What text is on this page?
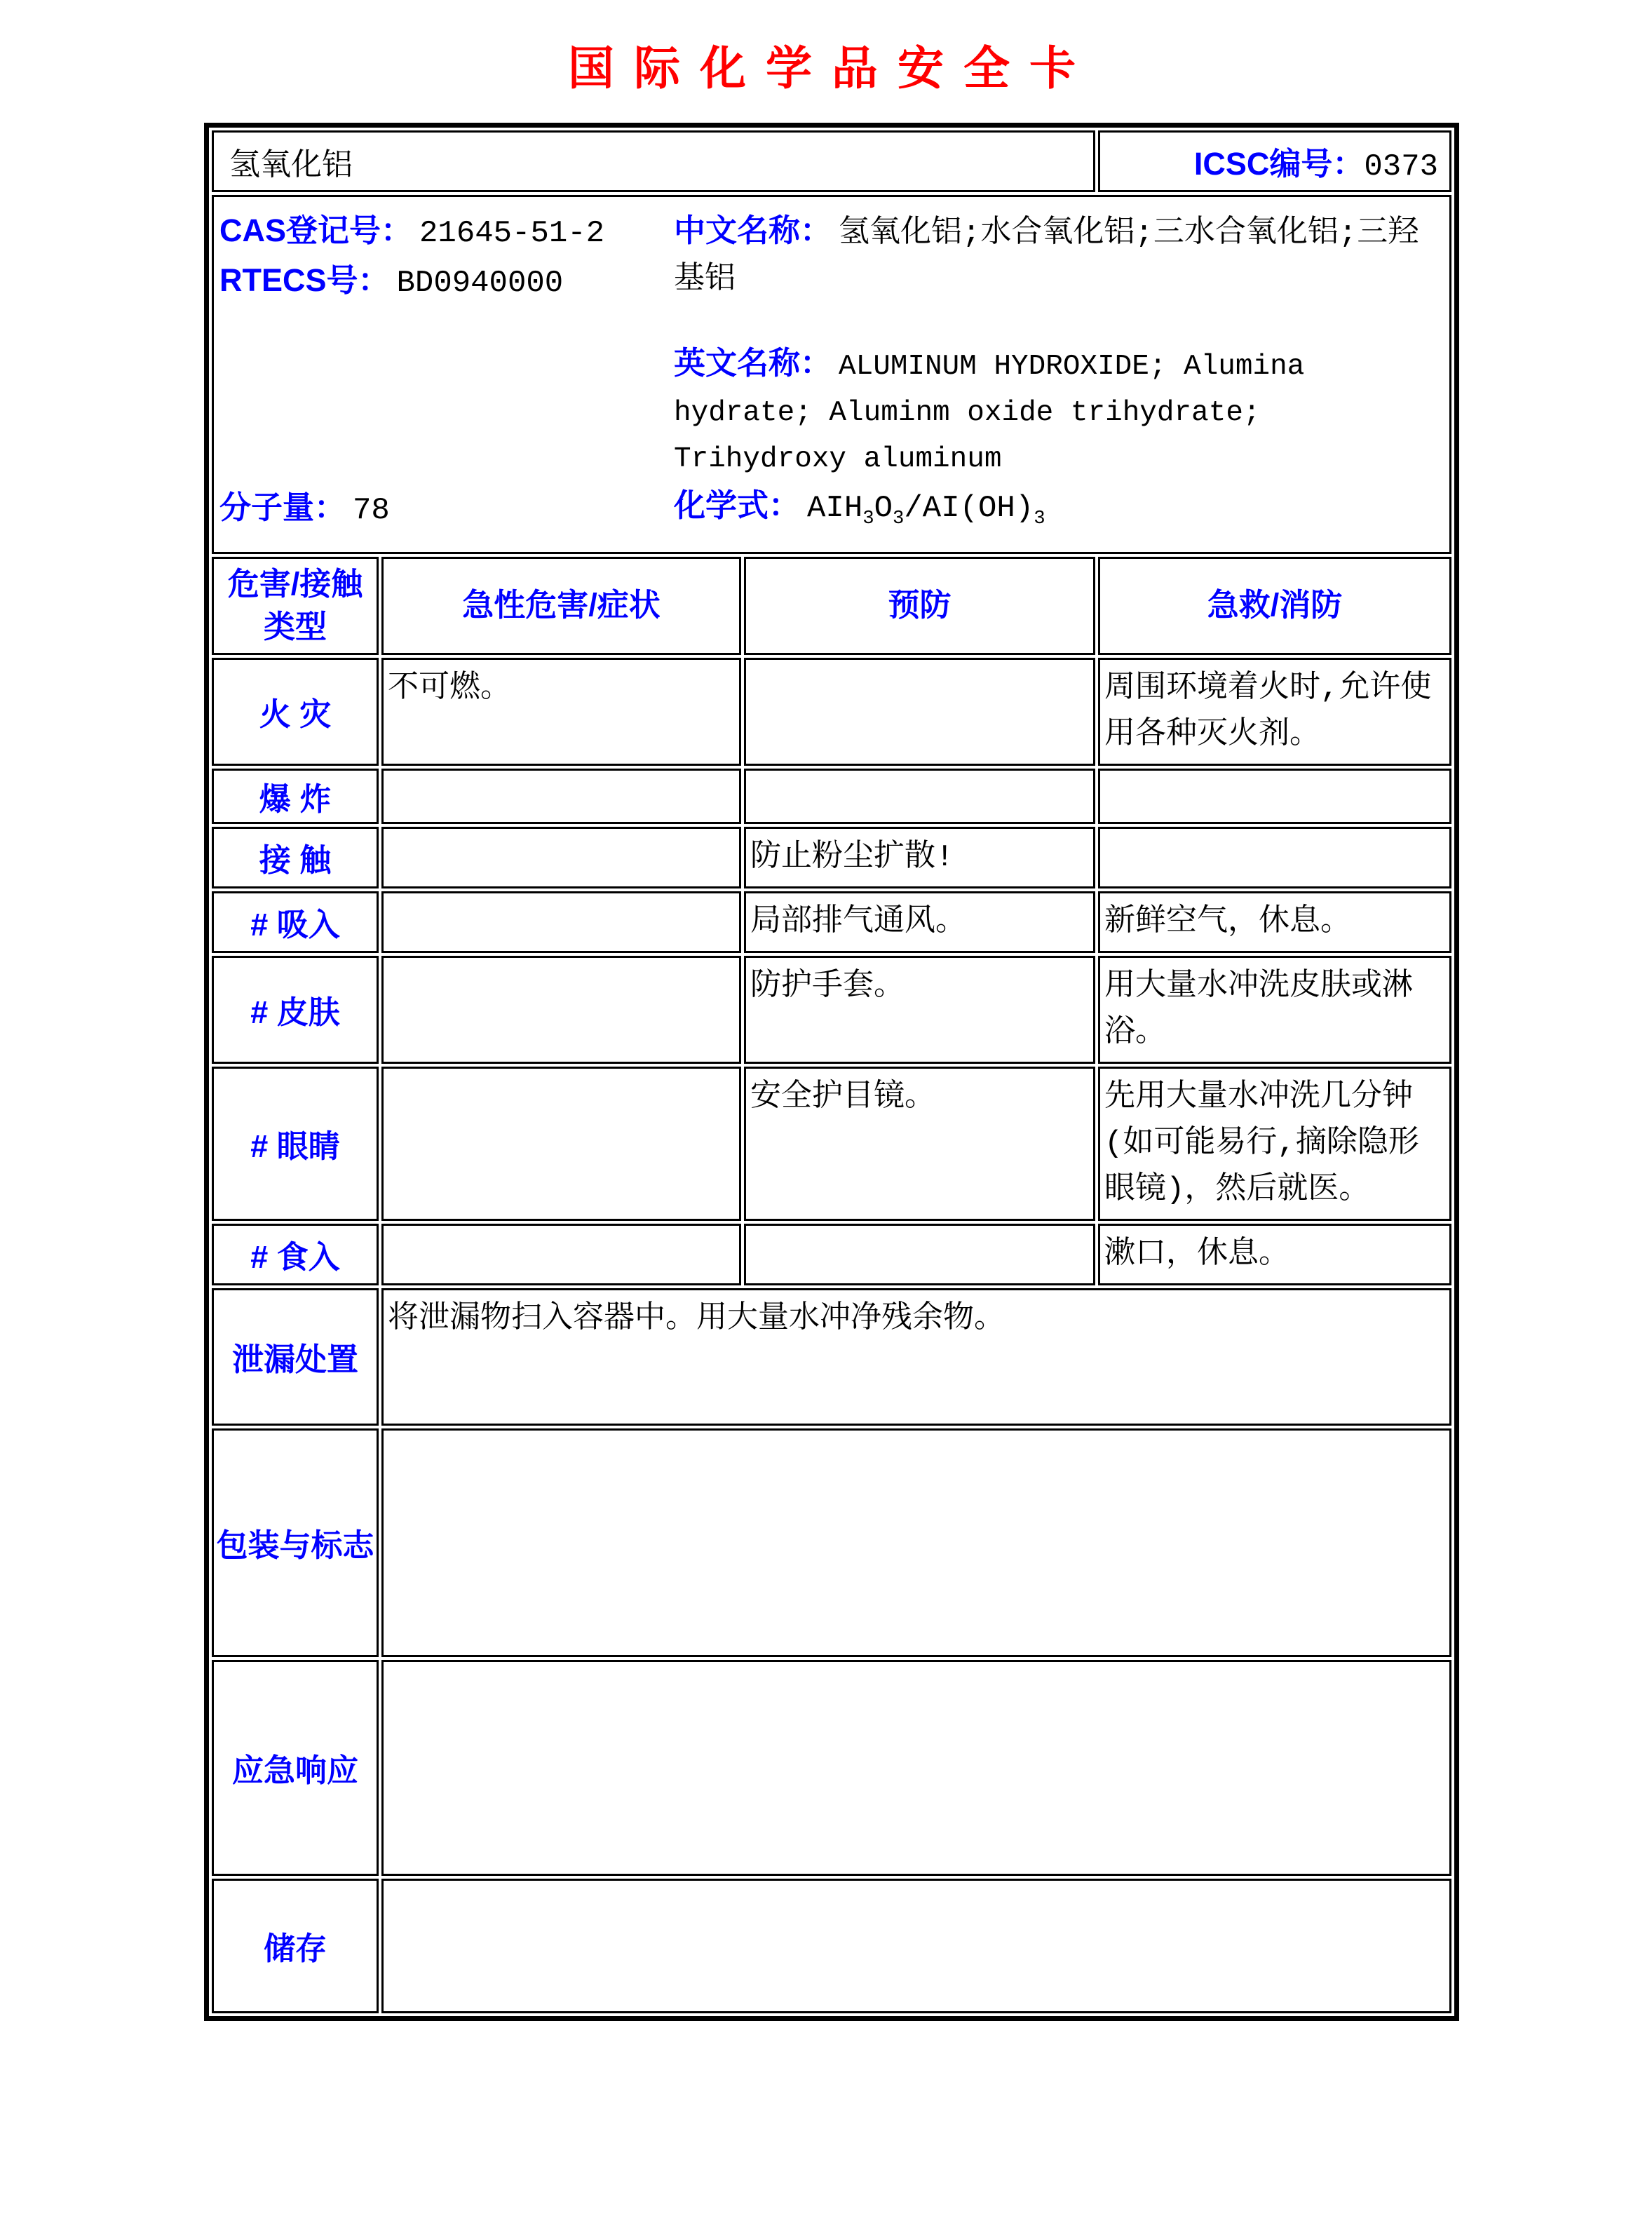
国际化学品安全卡
氢氧化铝			ICSC编号：0373

CAS登记号： 21645-51-2
RTECS号： BD0940000
分子量： 78
中文名称： 氢氧化铝;水合氧化铝;三水合氧化铝;三羟基铝
英文名称： ALUMINUM HYDROXIDE; Alumina hydrate; Aluminm oxide trihydrate; Trihydroxy aluminum
化学式： $AIH_3O_3/AI(OH)_3$

危害/接触类型	急性危害/症状	预防	急救/消防
火 灾	不可燃。		周围环境着火时,允许使用各种灭火剂。
爆 炸			
接 触		防止粉尘扩散!	
# 吸入		局部排气通风。	新鲜空气，休息。
# 皮肤		防护手套。	用大量水冲洗皮肤或淋浴。
# 眼睛		安全护目镜。	先用大量水冲洗几分钟(如可能易行,摘除隐形眼镜)，然后就医。
# 食入			漱口，休息。
泄漏处置	将泄漏物扫入容器中。用大量水冲净残余物。		
包装与标志			
应急响应			
储存			
